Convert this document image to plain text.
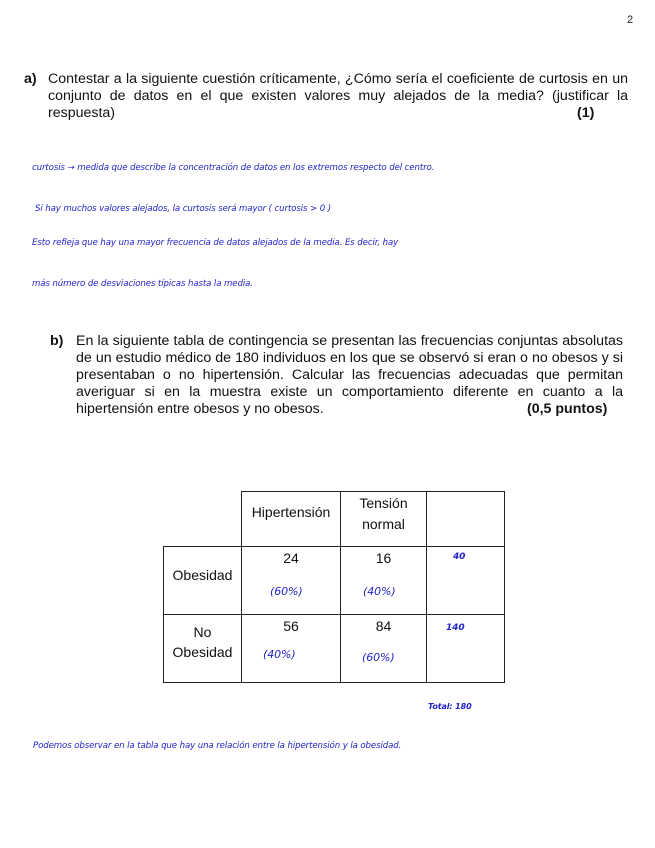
2
a) Contestar a la siguiente cuestión críticamente, ¿Cómo sería el coeficiente de curtosis en un conjunto de datos en el que existen valores muy alejados de la media? (justificar la respuesta)	(1)
curtosis → medida que describe la concentración de datos en los extremos respecto del centro.
Si hay muchos valores alejados, la curtosis será mayor ( curtosis > 0 )
Esto refleja que hay una mayor frecuencia de datos alejados de la media. Es decir, hay
más número de desviaciones típicas hasta la media.
b) En la siguiente tabla de contingencia se presentan las frecuencias conjuntas absolutas de un estudio médico de 180 individuos en los que se observó si eran o no obesos y si presentaban o no hipertensión. Calcular las frecuencias adecuadas que permitan averiguar si en la muestra existe un comportamiento diferente en cuanto a la hipertensión entre obesos y no obesos.	(0,5 puntos)
Hipertensión
Tensión
normal
Obesidad
24
(60%)
16
(40%)
40
No
Obesidad
56
(40%)
84
(60%)
140
Total: 180
Podemos observar en la tabla que hay una relación entre la hipertensión y la obesidad.
